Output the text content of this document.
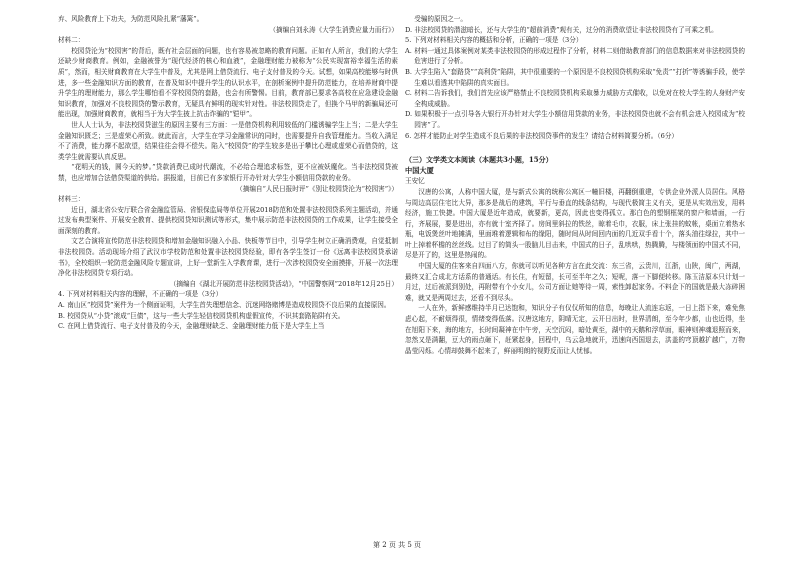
弃、风险教育上下功夫，为防范风险扎紧“藩篱”。

（摘编自刘永涛《大学生消费应量力而行》）

材料二：

校园贷沦为“校园害”的背后，既有社会层面的问题，也有容易被忽略的教育问题。正如有人所言，我们的大学生还缺少财商教育。例如，金融被誉为“现代经济的核心和血液”，金融理财能力被称为“公民实现富裕幸福生活的素质”，然而，相关财商教育在大学生中普及，尤其是网上借贷流行、电子支付普及的今天。试想，如果高校能够与时俱进，多一些金融知识方面的教育，在普及知识中提升学生的认识水平，在剖析案例中提升防范能力，在培养财商中提升学生的理财能力，那么学生哪怕看不穿校园贷的套路，也会有所警惕。目前，教育部已要求各高校在应急建设金融知识教育，加强对不良校园贷的警示教育，无疑具有鲜明的现实针对性。非法校园贷走了，但换个马甲的新骗局还可能出现，加强财商教育，就相当于为大学生披上抗击诈骗的“铠甲”。

世人人士认为，非法校园贷滋生的原因主要有三方面：一是借贷机构利用较低的门槛诱骗学生上当；二是大学生金融知识匮乏；三是虚荣心所致。就此而言，大学生在学习金融常识的同时，也需要提升自我管理能力。当收入满足不了消费，能力撑不起欲望，结果往往会得不偿失。陷入“校园贷”的学生较多是出于攀比心理或虚荣心而借贷的，这类学生就需要认真反思。

“花明天的钱，圆今天的梦。”贷款消费已成时代潮流，不必给合理追求标签，更不应被妖魔化。当非法校园贷被禁，也应增加合法借贷渠道的供给。据报道，目前已有多家银行开办针对大学生小额信用贷款的业务。

（摘编自“人民日报时评”《别让校园贷沦为“校园害”》）

材料三：

近日，湖北省公安厅联合省金融监管局、省银保监局等单位开展2018防范和处置非法校园贷系列主题活动，并通过发布典型案件、开展安全教育、提供校园贷知识测试等形式，集中展示防范非法校园贷的工作成果，让学生接受全面深刻的教育。

文艺合演将宣传防范非法校园贷和增加金融知识融入小品、快板等节目中，引导学生树立正确消费观，自觉抵制非法校园贷。活动现场介绍了武汉市学校防范和处置非法校园贷经验，即有各学生签订一份《远离非法校园贷承诺书》，全校组织一轮防范金融风险专题宣讲，上好一堂新生入学教育课，进行一次涉校园贷安全面摸排，开展一次法理净化非法校园贷专项行动。

（摘编自《湖北开展防范非法校园贷活动》，“中国警察网”2018年12月25日）

4. 下列对材料相关内容的理解，不正确的一项是（3分）

A. 南山区“校园贷”案件为一个侧面证明，大学生首失理想信念、沉迷网络赌博是造成校园贷不良后果的直接原因。

B. 校园贷从“小贷”滚成“巨债”，这与一些大学生轻信校园贷机构虚假宣传，不识其套路陷阱有关。

C. 在网上借贷流行、电子支付普及的今天，金融理财缺乏、金融理财能力低下是大学生上当

受骗的原因之一。

D. 非法校园贷的潜滋暗长，还与大学生的“超前消费”观有关，过分的消费欲望让非法校园贷有了可乘之机。

5. 下列对材料相关内容的概括和分析，正确的一项是（3分）

A. 材料一通过具体案例对某类非法校园贷的形成过程作了分析，材料二则借助教育部门的信息数据来对非法校园贷的危害进行了分析。

B. 大学生陷入“套路贷”“高利贷”陷阱，其中很重要的一个原因是不良校园贷机构采取“免责”“打折”等诱骗手段，使学生难以看透其中陷阱的真实面目。

C. 材料二告诉我们，我们首先应该严格禁止不良校园贷机构采取暴力威胁方式催收，以免对在校大学生的人身财产安全构成威胁。

D. 如果积极于一点引导各大银行开办针对大学生小额信用贷款的业务，非法校园贷也就不会有机会进入校园成为“校园害”了。

6. 怎样才能防止对学生造成不良后果的非法校园贷事件的发生？请结合材料简要分析。（6分）

（三）文学类文本阅读（本题共3小题，15分）

中国大厦

王安忆

汉唐的公寓，人称中国大厦，是与新式公寓的统称公寓区一幢旧楼，再翻倒重建，专供企业外派人员居住。风格与周边高层住宅比大异，那多是战后的建筑，平行与垂直的线条结构，与现代极简主义有关，更是从实效出发，用料经济，施工快捷。中国大厦是近年造成，就要新，更高，因此也变得孤立。那白色的塑钢框架的窗户和墙面，一行行，齐展展，要是进出，亦有就十室齐择了。房间里斜拉的铁丝，晾着毛巾，衣服，床上张挂的蚊帐，桌面立着热水瓶，电饭煲丝叶地摊满，里面堆着逻辑和布的缘阳，随时间从时间回内面的几近双手看十个，落头油往绿拉，其中一叶上掉着杯檐的丝丝线。过目了的简头一股脑儿目击来，中国式的日子，乱哄哄，热腾腾，与楼领面的中国式不同，尽是开了的，这里是热闹的。

中国大厦的住客来自四面八方，你就可以听见各种方言在此交流：东三省，云贵川，江浙，山陕，闽广，两湖，最终又汇合成北方话系的普通话。有长住，有短留，长可至半年之久；短呢，落一下脚便转移。陈玉洁原本只计划一月过，过后被派到别处，再附带有个小女儿，公司方面让她等待一周，索性卸起家务。不料企下的国就是最大冻碎困难，就又是两周过去，还看不到尽头。

一人在外，新鲜感维持半月已达饱和，知识分子有仅仅所知的信息，每晚让人流连忘返，一日上指下来，难免焦虑心起，不耐烦得很，情绪变得低落。汉唐这地方，阴晴无定，云开日出时，世界清朗，至今年少都，山也近得，坐在旭阳下来，海的地方，长时间凝神在中午旁，天空沉闷，暗处黄至，湖中的天鹅和浮草面，眼神则神魂退照而来，忽然又是满翻，豆大的雨点砸下，赶紧起身，回程中，乌云急地就开，迅速向西国退去，洪盖的穹顶越扩越广，万物晶莹闪烁。心情却鼓舞不起来了，鲜丽明朗的视野反而让人忧郁。

第 2 页 共 5 页
